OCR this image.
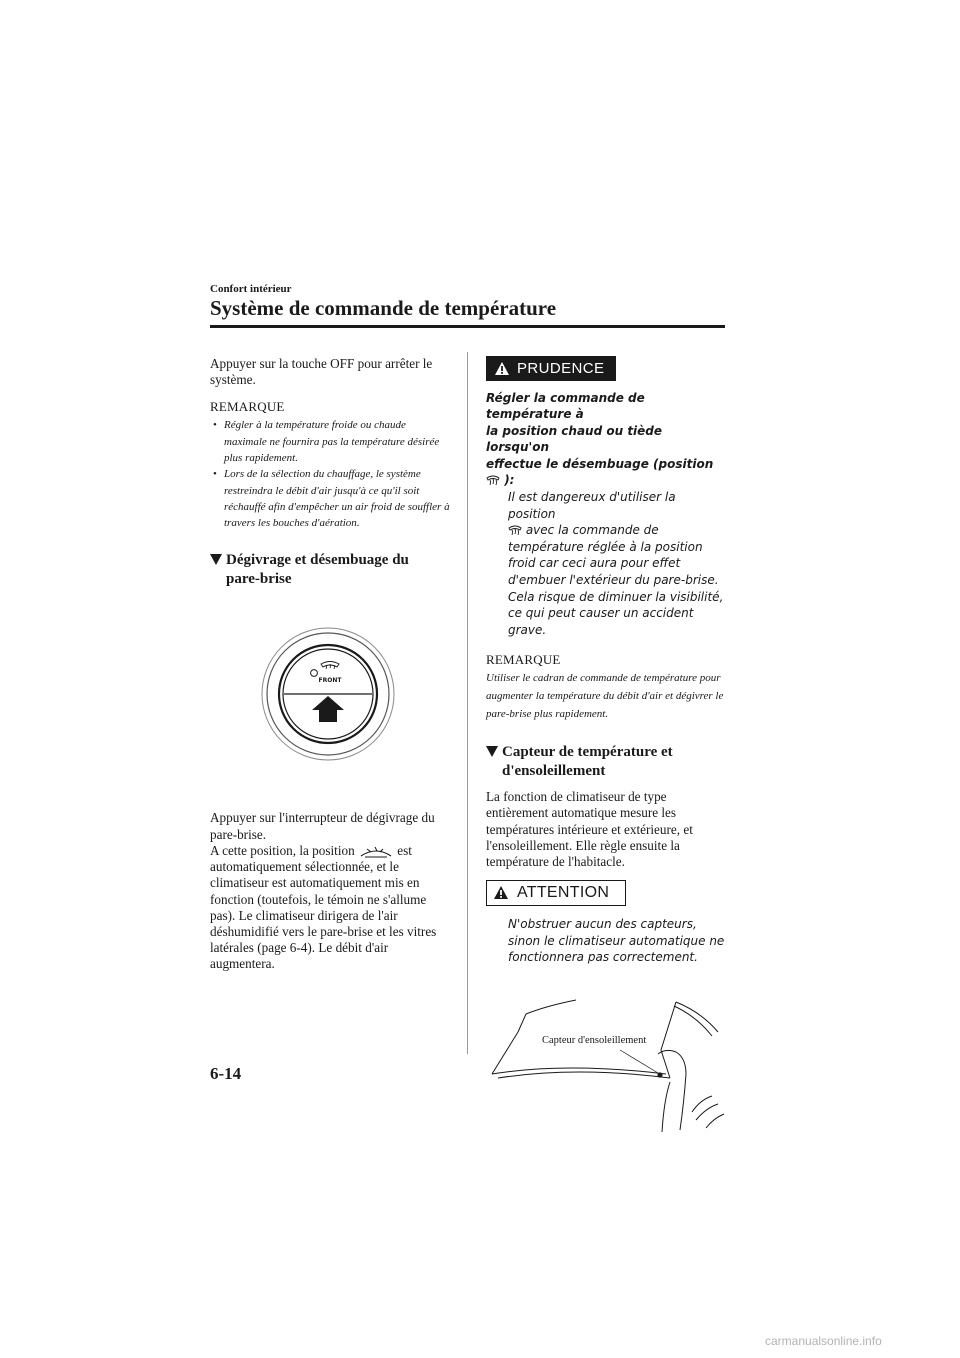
Confort intérieur
Système de commande de température

Appuyer sur la touche OFF pour arrêter le système.

REMARQUE
• Régler à la température froide ou chaude maximale ne fournira pas la température désirée plus rapidement.
• Lors de la sélection du chauffage, le système restreindra le débit d'air jusqu'à ce qu'il soit réchauffé afin d'empêcher un air froid de souffler à travers les bouches d'aération.
Dégivrage et désembuage du
pare-brise
FRONT

Appuyer sur l'interrupteur de dégivrage du pare-brise.

A cette position, la position	est automatiquement sélectionnée, et le climatiseur est automatiquement mis en fonction (toutefois, le témoin ne s'allume pas). Le climatiseur dirigera de l'air déshumidifié vers le pare-brise et les vitres latérales (page 6-4). Le débit d'air augmentera.

PRUDENCE

Régler la commande de température à
la position chaud ou tiède lorsqu'on
effectue le désembuage (position  ):

Il est dangereux d'utiliser la position
avec la commande de température réglée à la position froid car ceci aura pour effet d'embuer l'extérieur du pare-brise. Cela risque de diminuer la visibilité, ce qui peut causer un accident grave.

REMARQUE

Utiliser le cadran de commande de température pour augmenter la température du débit d'air et dégivrer le pare-brise plus rapidement.

Capteur de température et
d'ensoleillement

La fonction de climatiseur de type entièrement automatique mesure les températures intérieure et extérieure, et l'ensoleillement. Elle règle ensuite la température de l'habitacle.

ATTENTION

N'obstruer aucun des capteurs, sinon le climatiseur automatique ne fonctionnera pas correctement.

Capteur d'ensoleillement
6-14
carmanualsonline.info
